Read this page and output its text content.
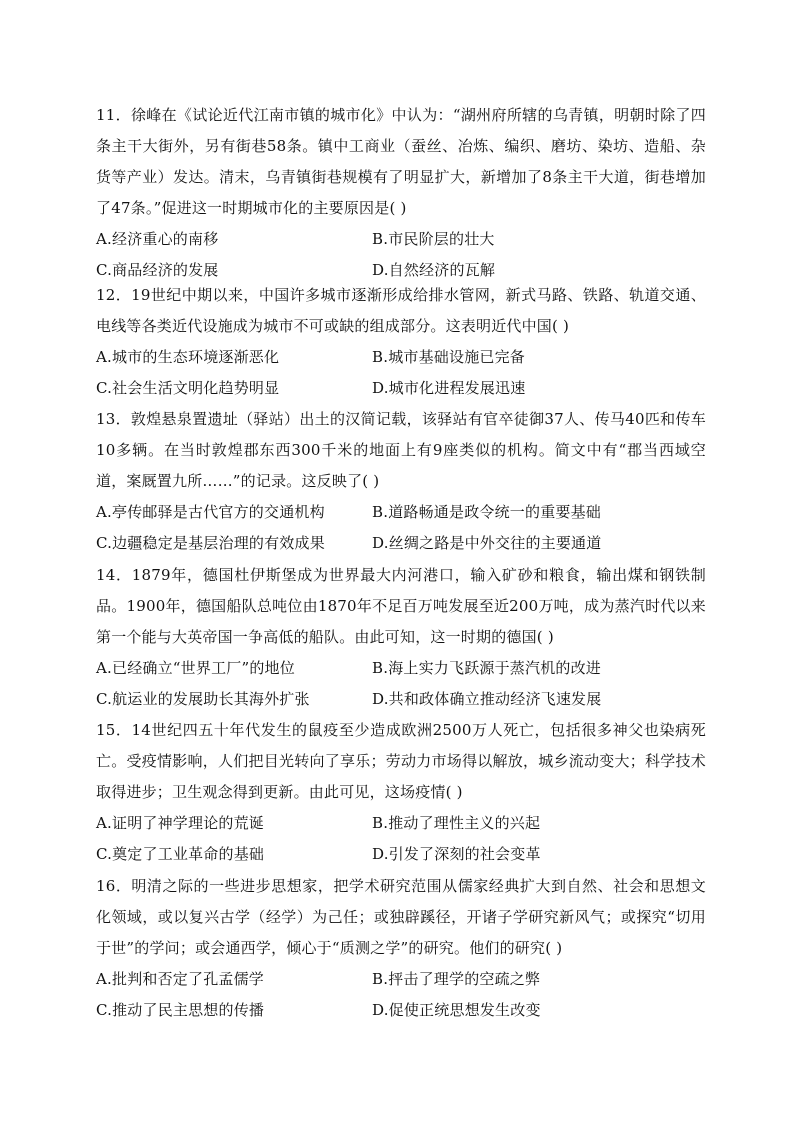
11．徐峰在《试论近代江南市镇的城市化》中认为：“湖州府所辖的乌青镇，明朝时除了四条主干大街外，另有街巷58条。镇中工商业（蚕丝、冶炼、编织、磨坊、染坊、造船、杂货等产业）发达。清末，乌青镇街巷规模有了明显扩大，新增加了8条主干大道，街巷增加了47条。”促进这一时期城市化的主要原因是( )

A.经济重心的南移	B.市民阶层的壮大
C.商品经济的发展	D.自然经济的瓦解

12．19世纪中期以来，中国许多城市逐渐形成给排水管网，新式马路、铁路、轨道交通、电线等各类近代设施成为城市不可或缺的组成部分。这表明近代中国( )

A.城市的生态环境逐渐恶化	B.城市基础设施已完备
C.社会生活文明化趋势明显	D.城市化进程发展迅速

13．敦煌悬泉置遗址（驿站）出土的汉简记载，该驿站有官卒徒御37人、传马40匹和传车10多辆。在当时敦煌郡东西300千米的地面上有9座类似的机构。简文中有“郡当西域空道，案厩置九所……”的记录。这反映了( )

A.亭传邮驿是古代官方的交通机构	B.道路畅通是政令统一的重要基础
C.边疆稳定是基层治理的有效成果	D.丝绸之路是中外交往的主要通道

14．1879年，德国杜伊斯堡成为世界最大内河港口，输入矿砂和粮食，输出煤和钢铁制品。1900年，德国船队总吨位由1870年不足百万吨发展至近200万吨，成为蒸汽时代以来第一个能与大英帝国一争高低的船队。由此可知，这一时期的德国( )

A.已经确立“世界工厂”的地位	B.海上实力飞跃源于蒸汽机的改进
C.航运业的发展助长其海外扩张	D.共和政体确立推动经济飞速发展

15．14世纪四五十年代发生的鼠疫至少造成欧洲2500万人死亡，包括很多神父也染病死亡。受疫情影响，人们把目光转向了享乐；劳动力市场得以解放，城乡流动变大；科学技术取得进步；卫生观念得到更新。由此可见，这场疫情( )

A.证明了神学理论的荒诞	B.推动了理性主义的兴起
C.奠定了工业革命的基础	D.引发了深刻的社会变革

16．明清之际的一些进步思想家，把学术研究范围从儒家经典扩大到自然、社会和思想文化领域，或以复兴古学（经学）为己任；或独辟蹊径，开诸子学研究新风气；或探究“切用于世”的学问；或会通西学，倾心于“质测之学”的研究。他们的研究( )

A.批判和否定了孔孟儒学	B.抨击了理学的空疏之弊
C.推动了民主思想的传播	D.促使正统思想发生改变
